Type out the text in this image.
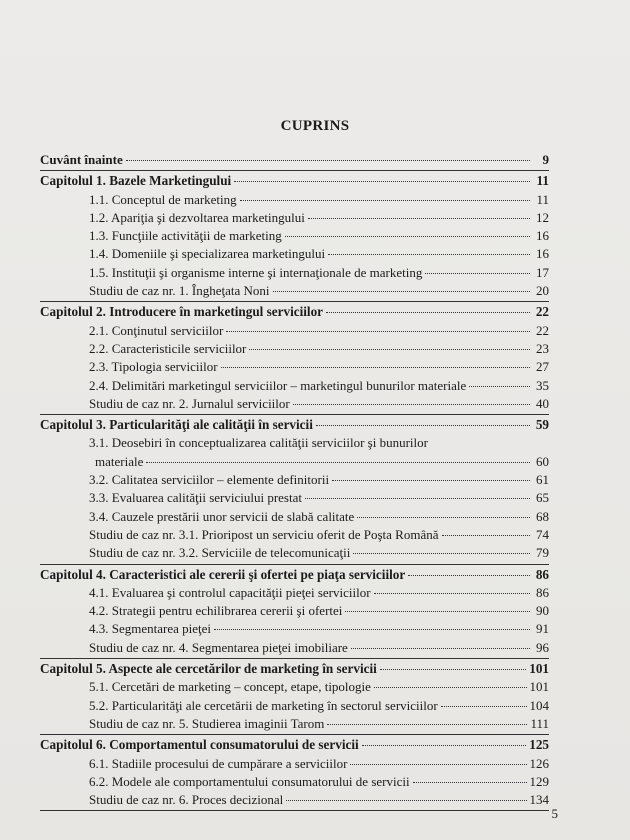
CUPRINS
Cuvânt înainte	9
Capitolul 1. Bazele Marketingului	11
1.1. Conceptul de marketing	11
1.2. Apariţia şi dezvoltarea marketingului	12
1.3. Funcţiile activităţii de marketing	16
1.4. Domeniile şi specializarea marketingului	16
1.5. Instituţii şi organisme interne şi internaţionale de marketing	17
Studiu de caz nr. 1. Îngheţata Noni	20
Capitolul 2. Introducere în marketingul serviciilor	22
2.1. Conţinutul serviciilor	22
2.2. Caracteristicile serviciilor	23
2.3. Tipologia serviciilor	27
2.4. Delimitări marketingul serviciilor – marketingul bunurilor materiale	35
Studiu de caz nr. 2. Jurnalul serviciilor	40
Capitolul 3. Particularităţi ale calităţii în servicii	59
3.1. Deosebiri în conceptualizarea calităţii serviciilor şi bunurilor
materiale	60
3.2. Calitatea serviciilor – elemente definitorii	61
3.3. Evaluarea calităţii serviciului prestat	65
3.4. Cauzele prestării unor servicii de slabă calitate	68
Studiu de caz nr. 3.1. Prioripost un serviciu oferit de Poşta Română	74
Studiu de caz nr. 3.2. Serviciile de telecomunicaţii	79
Capitolul 4. Caracteristici ale cererii şi ofertei pe piaţa serviciilor	86
4.1. Evaluarea şi controlul capacităţii pieţei serviciilor	86
4.2. Strategii pentru echilibrarea cererii şi ofertei	90
4.3. Segmentarea pieţei	91
Studiu de caz nr. 4. Segmentarea pieţei imobiliare	96
Capitolul 5. Aspecte ale cercetărilor de marketing în servicii	101
5.1. Cercetări de marketing – concept, etape, tipologie	101
5.2. Particularităţi ale cercetării de marketing în sectorul serviciilor	104
Studiu de caz nr. 5. Studierea imaginii Tarom	111
Capitolul 6. Comportamentul consumatorului de servicii	125
6.1. Stadiile procesului de cumpărare a serviciilor	126
6.2. Modele ale comportamentului consumatorului de servicii	129
Studiu de caz nr. 6. Proces decizional	134
5
